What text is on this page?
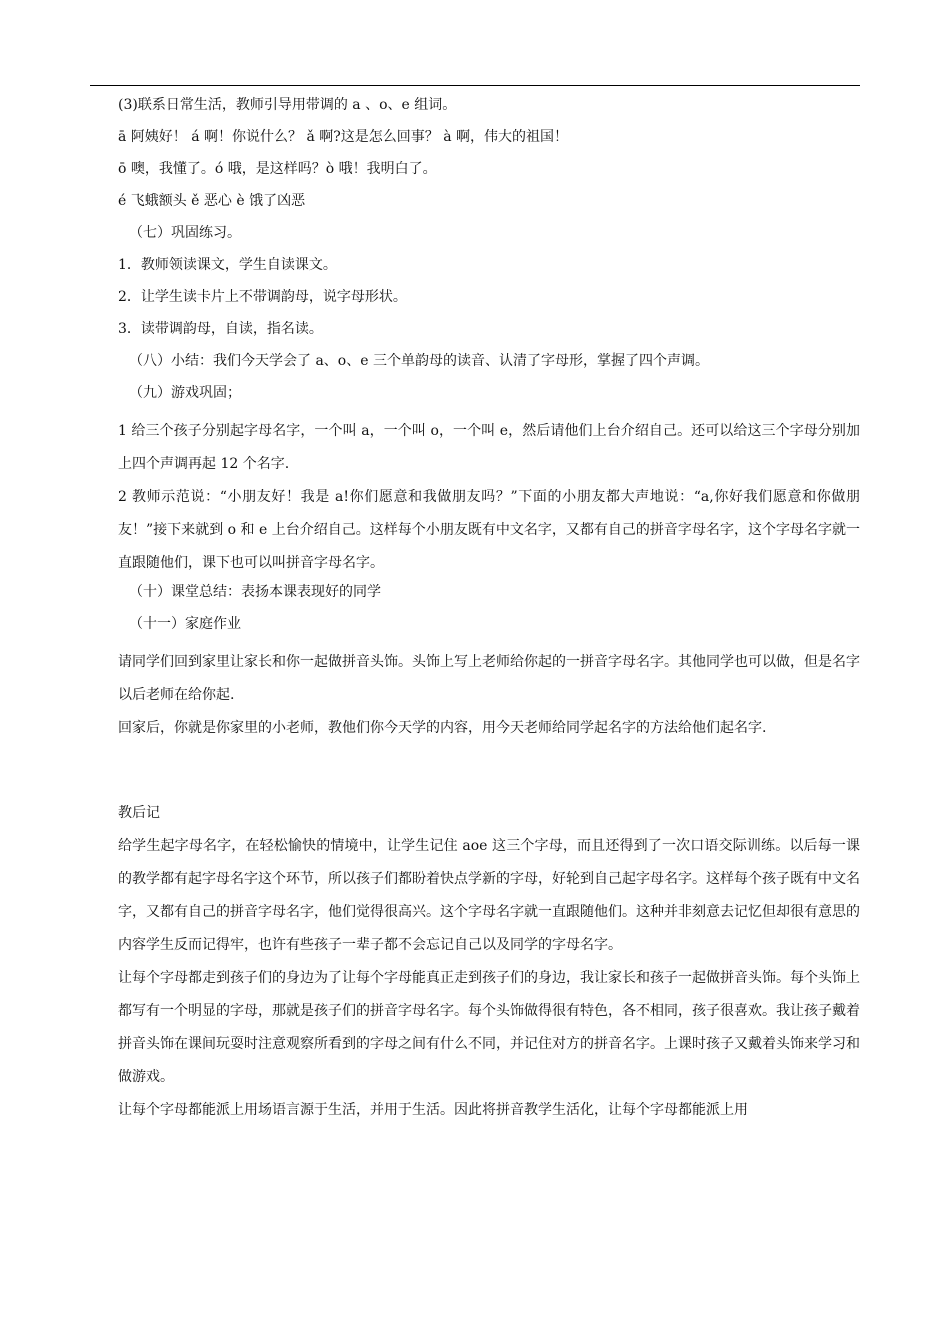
(3)联系日常生活，教师引导用带调的 a 、o、e 组词。
ā 阿姨好！ á 啊！你说什么？ ǎ 啊?这是怎么回事？ à 啊，伟大的祖国！
ō 噢，我懂了。ó 哦，是这样吗？ò 哦！我明白了。
é 飞蛾额头 ě 恶心 è 饿了凶恶
（七）巩固练习。
1．教师领读课文，学生自读课文。
2．让学生读卡片上不带调韵母，说字母形状。
3．读带调韵母，自读，指名读。
（八）小结：我们今天学会了 a、o、e 三个单韵母的读音、认清了字母形，掌握了四个声调。
（九）游戏巩固；

1 给三个孩子分别起字母名字，一个叫 a，一个叫 o，一个叫 e，然后请他们上台介绍自己。还可以给这三个字母分别加上四个声调再起 12 个名字.

2 教师示范说：“小朋友好！我是 a!你们愿意和我做朋友吗？”下面的小朋友都大声地说：“a,你好我们愿意和你做朋友！”接下来就到 o 和 e 上台介绍自己。这样每个小朋友既有中文名字，又都有自己的拼音字母名字，这个字母名字就一直跟随他们，课下也可以叫拼音字母名字。

（十）课堂总结：表扬本课表现好的同学
（十一）家庭作业

请同学们回到家里让家长和你一起做拼音头饰。头饰上写上老师给你起的一拼音字母名字。其他同学也可以做，但是名字以后老师在给你起.

回家后，你就是你家里的小老师，教他们你今天学的内容，用今天老师给同学起名字的方法给他们起名字.

教后记

给学生起字母名字，在轻松愉快的情境中，让学生记住 aoe 这三个字母，而且还得到了一次口语交际训练。以后每一课的教学都有起字母名字这个环节，所以孩子们都盼着快点学新的字母，好轮到自己起字母名字。这样每个孩子既有中文名字，又都有自己的拼音字母名字，他们觉得很高兴。这个字母名字就一直跟随他们。这种并非刻意去记忆但却很有意思的内容学生反而记得牢，也许有些孩子一辈子都不会忘记自己以及同学的字母名字。

让每个字母都走到孩子们的身边为了让每个字母能真正走到孩子们的身边，我让家长和孩子一起做拼音头饰。每个头饰上都写有一个明显的字母，那就是孩子们的拼音字母名字。每个头饰做得很有特色，各不相同，孩子很喜欢。我让孩子戴着拼音头饰在课间玩耍时注意观察所看到的字母之间有什么不同，并记住对方的拼音名字。上课时孩子又戴着头饰来学习和做游戏。

让每个字母都能派上用场语言源于生活，并用于生活。因此将拼音教学生活化，让每个字母都能派上用
